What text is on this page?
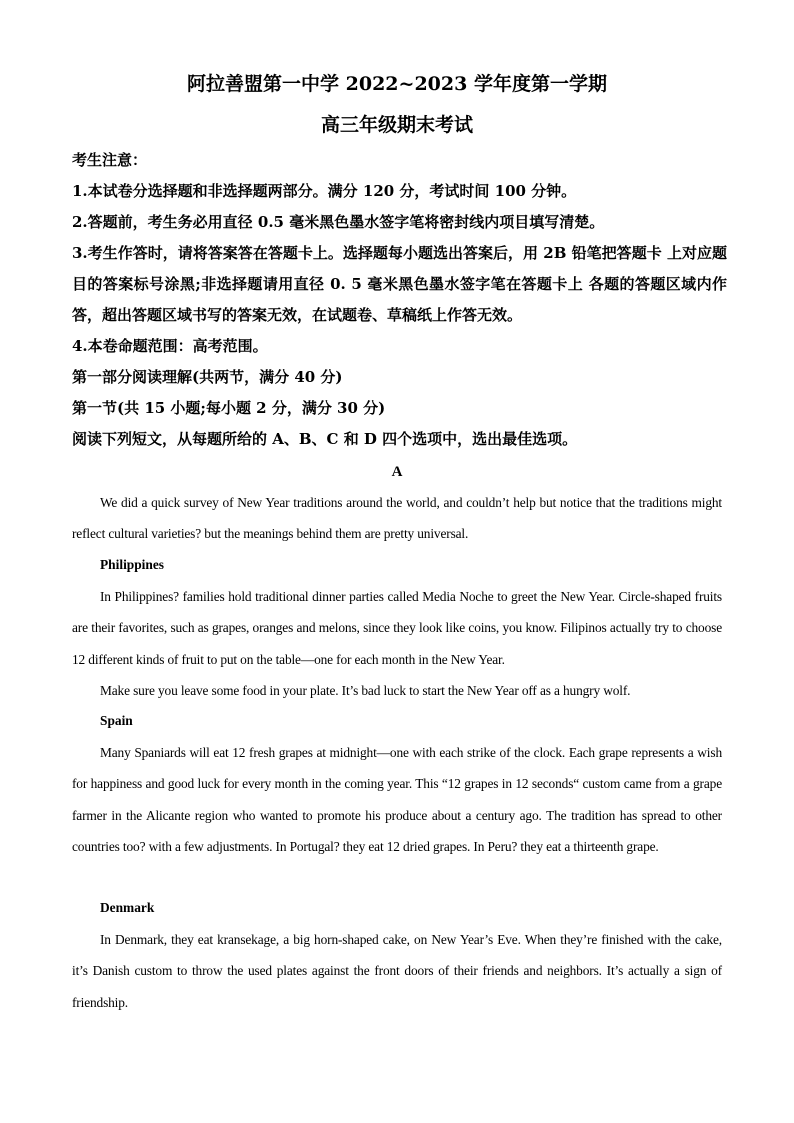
阿拉善盟第一中学 2022~2023 学年度第一学期
高三年级期末考试
考生注意：
1.本试卷分选择题和非选择题两部分。满分 120 分，考试时间 100 分钟。
2.答题前，考生务必用直径 0.5 毫米黑色墨水签字笔将密封线内项目填写清楚。
3.考生作答时，请将答案答在答题卡上。选择题每小题选出答案后，用 2B 铅笔把答题卡 上对应题目的答案标号涂黑;非选择题请用直径 0. 5 毫米黑色墨水签字笔在答题卡上 各题的答题区域内作答，超出答题区域书写的答案无效，在试题卷、草稿纸上作答无效。
4.本卷命题范围：高考范围。
第一部分阅读理解(共两节，满分 40 分)
第一节(共 15 小题;每小题 2 分，满分 30 分)
阅读下列短文，从每题所给的 A、B、C 和 D 四个选项中，选出最佳选项。
A

We did a quick survey of New Year traditions around the world, and couldn’t help but notice that the traditions might reflect cultural varieties? but the meanings behind them are pretty universal.

Philippines

In Philippines? families hold traditional dinner parties called Media Noche to greet the New Year. Circle-shaped fruits are their favorites, such as grapes, oranges and melons, since they look like coins, you know. Filipinos actually try to choose 12 different kinds of fruit to put on the table—one for each month in the New Year.

Make sure you leave some food in your plate. It’s bad luck to start the New Year off as a hungry wolf.

Spain

Many Spaniards will eat 12 fresh grapes at midnight—one with each strike of the clock. Each grape represents a wish for happiness and good luck for every month in the coming year. This “12 grapes in 12 seconds“ custom came from a grape farmer in the Alicante region who wanted to promote his produce about a century ago. The tradition has spread to other countries too? with a few adjustments. In Portugal? they eat 12 dried grapes. In Peru? they eat a thirteenth grape.

Denmark

In Denmark, they eat kransekage, a big horn-shaped cake, on New Year’s Eve. When they’re finished with the cake, it’s Danish custom to throw the used plates against the front doors of their friends and neighbors. It’s actually a sign of friendship.
